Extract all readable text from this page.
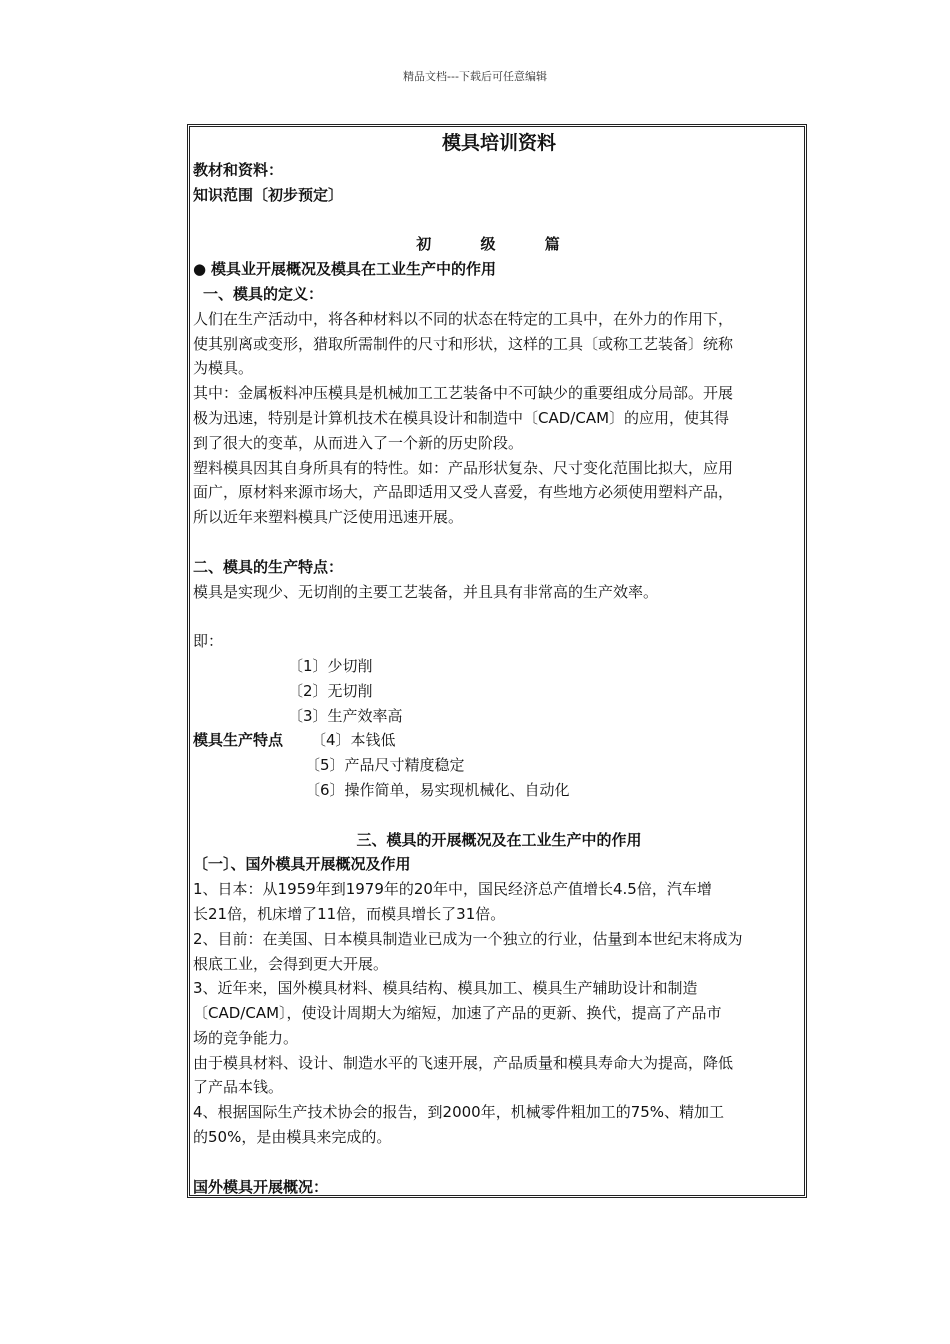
精品文档---下载后可任意编辑
模具培训资料
教材和资料：
知识范围〔初步预定〕
初 级 篇
● 模具业开展概况及模具在工业生产中的作用
一、模具的定义：
人们在生产活动中，将各种材料以不同的状态在特定的工具中，在外力的作用下，
使其别离或变形，猎取所需制件的尺寸和形状，这样的工具〔或称工艺装备〕统称
为模具。
其中：金属板料冲压模具是机械加工工艺装备中不可缺少的重要组成分局部。开展
极为迅速，特别是计算机技术在模具设计和制造中〔CAD/CAM〕的应用，使其得
到了很大的变革，从而进入了一个新的历史阶段。
塑料模具因其自身所具有的特性。如：产品形状复杂、尺寸变化范围比拟大，应用
面广，原材料来源市场大，产品即适用又受人喜爱，有些地方必须使用塑料产品，
所以近年来塑料模具广泛使用迅速开展。
二、模具的生产特点：
模具是实现少、无切削的主要工艺装备，并且具有非常高的生产效率。
即：
〔1〕少切削
〔2〕无切削
〔3〕生产效率高
模具生产特点 〔4〕本钱低
〔5〕产品尺寸精度稳定
〔6〕操作简单，易实现机械化、自动化
三、模具的开展概况及在工业生产中的作用
〔一〕、国外模具开展概况及作用
1、日本：从1959年到1979年的20年中，国民经济总产值增长4.5倍，汽车增
长21倍，机床增了11倍，而模具增长了31倍。
2、目前：在美国、日本模具制造业已成为一个独立的行业，估量到本世纪末将成为
根底工业，会得到更大开展。
3、近年来，国外模具材料、模具结构、模具加工、模具生产辅助设计和制造
〔CAD/CAM〕，使设计周期大为缩短，加速了产品的更新、换代，提高了产品市
场的竞争能力。
由于模具材料、设计、制造水平的飞速开展，产品质量和模具寿命大为提高，降低
了产品本钱。
4、根据国际生产技术协会的报告，到2000年，机械零件粗加工的75%、精加工
的50%，是由模具来完成的。
国外模具开展概况：
